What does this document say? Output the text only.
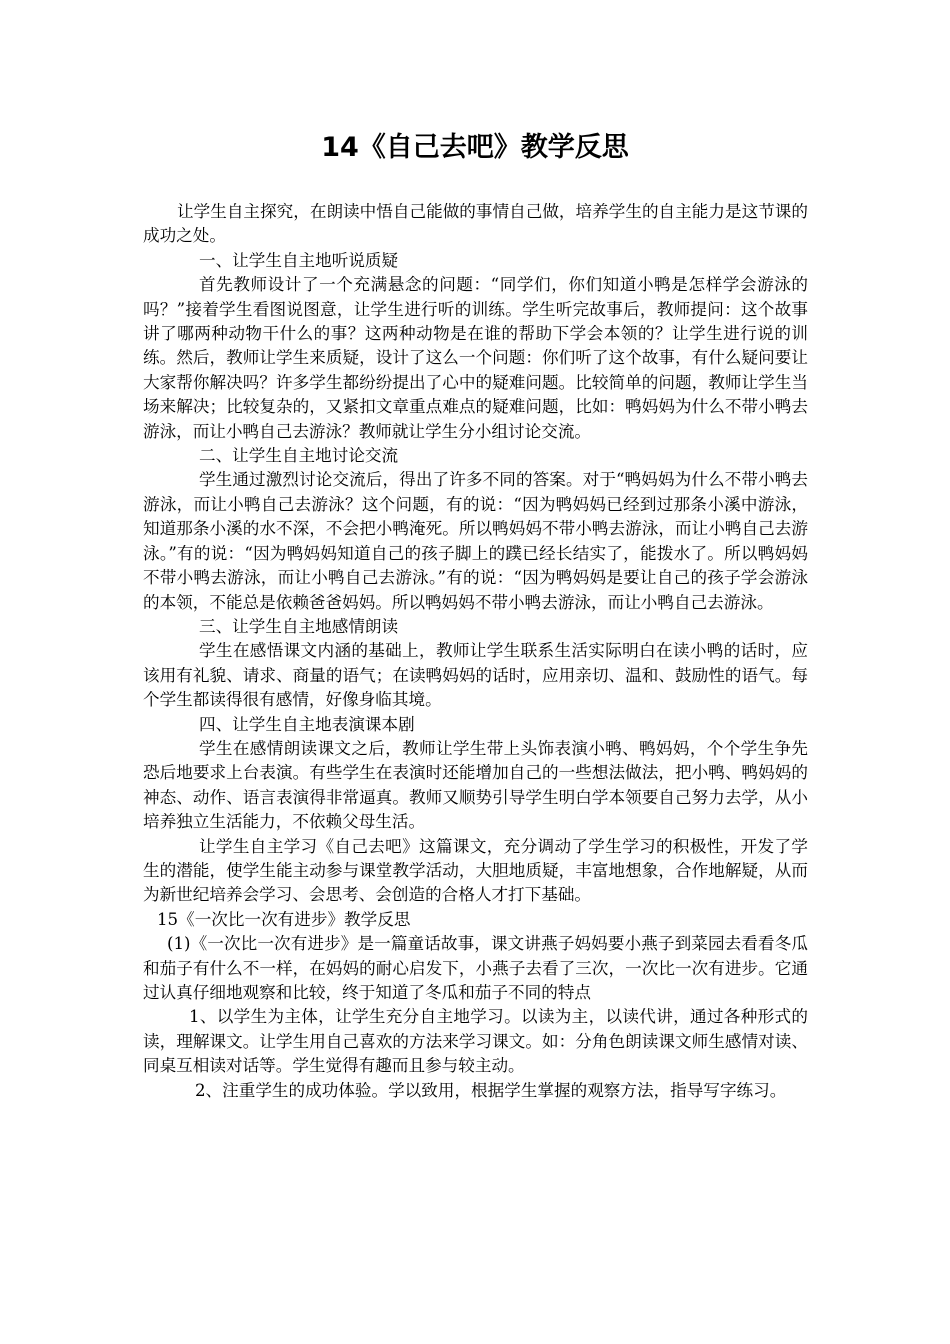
14《自己去吧》教学反思

让学生自主探究，在朗读中悟自己能做的事情自己做，培养学生的自主能力是这节课的成功之处。

一、让学生自主地听说质疑

首先教师设计了一个充满悬念的问题：“同学们，你们知道小鸭是怎样学会游泳的吗？”接着学生看图说图意，让学生进行听的训练。学生听完故事后，教师提问：这个故事讲了哪两种动物干什么的事？这两种动物是在谁的帮助下学会本领的？让学生进行说的训练。然后，教师让学生来质疑，设计了这么一个问题：你们听了这个故事，有什么疑问要让大家帮你解决吗？许多学生都纷纷提出了心中的疑难问题。比较简单的问题，教师让学生当场来解决；比较复杂的，又紧扣文章重点难点的疑难问题，比如：鸭妈妈为什么不带小鸭去游泳，而让小鸭自己去游泳？教师就让学生分小组讨论交流。

二、让学生自主地讨论交流

学生通过激烈讨论交流后，得出了许多不同的答案。对于“鸭妈妈为什么不带小鸭去游泳，而让小鸭自己去游泳？这个问题，有的说：“因为鸭妈妈已经到过那条小溪中游泳，知道那条小溪的水不深，不会把小鸭淹死。所以鸭妈妈不带小鸭去游泳，而让小鸭自己去游泳。”有的说：“因为鸭妈妈知道自己的孩子脚上的蹼已经长结实了，能拨水了。所以鸭妈妈不带小鸭去游泳，而让小鸭自己去游泳。”有的说：“因为鸭妈妈是要让自己的孩子学会游泳的本领，不能总是依赖爸爸妈妈。所以鸭妈妈不带小鸭去游泳，而让小鸭自己去游泳。

三、让学生自主地感情朗读

学生在感悟课文内涵的基础上，教师让学生联系生活实际明白在读小鸭的话时，应该用有礼貌、请求、商量的语气；在读鸭妈妈的话时，应用亲切、温和、鼓励性的语气。每个学生都读得很有感情，好像身临其境。

四、让学生自主地表演课本剧

学生在感情朗读课文之后，教师让学生带上头饰表演小鸭、鸭妈妈，个个学生争先恐后地要求上台表演。有些学生在表演时还能增加自己的一些想法做法，把小鸭、鸭妈妈的神态、动作、语言表演得非常逼真。教师又顺势引导学生明白学本领要自己努力去学，从小培养独立生活能力，不依赖父母生活。

让学生自主学习《自己去吧》这篇课文，充分调动了学生学习的积极性，开发了学生的潜能，使学生能主动参与课堂教学活动，大胆地质疑，丰富地想象，合作地解疑，从而为新世纪培养会学习、会思考、会创造的合格人才打下基础。

15《一次比一次有进步》教学反思

(1)《一次比一次有进步》是一篇童话故事，课文讲燕子妈妈要小燕子到菜园去看看冬瓜和茄子有什么不一样，在妈妈的耐心启发下，小燕子去看了三次，一次比一次有进步。它通过认真仔细地观察和比较，终于知道了冬瓜和茄子不同的特点

1、以学生为主体，让学生充分自主地学习。以读为主，以读代讲，通过各种形式的读，理解课文。让学生用自己喜欢的方法来学习课文。如：分角色朗读课文师生感情对读、同桌互相读对话等。学生觉得有趣而且参与较主动。

2、注重学生的成功体验。学以致用，根据学生掌握的观察方法，指导写字练习。
